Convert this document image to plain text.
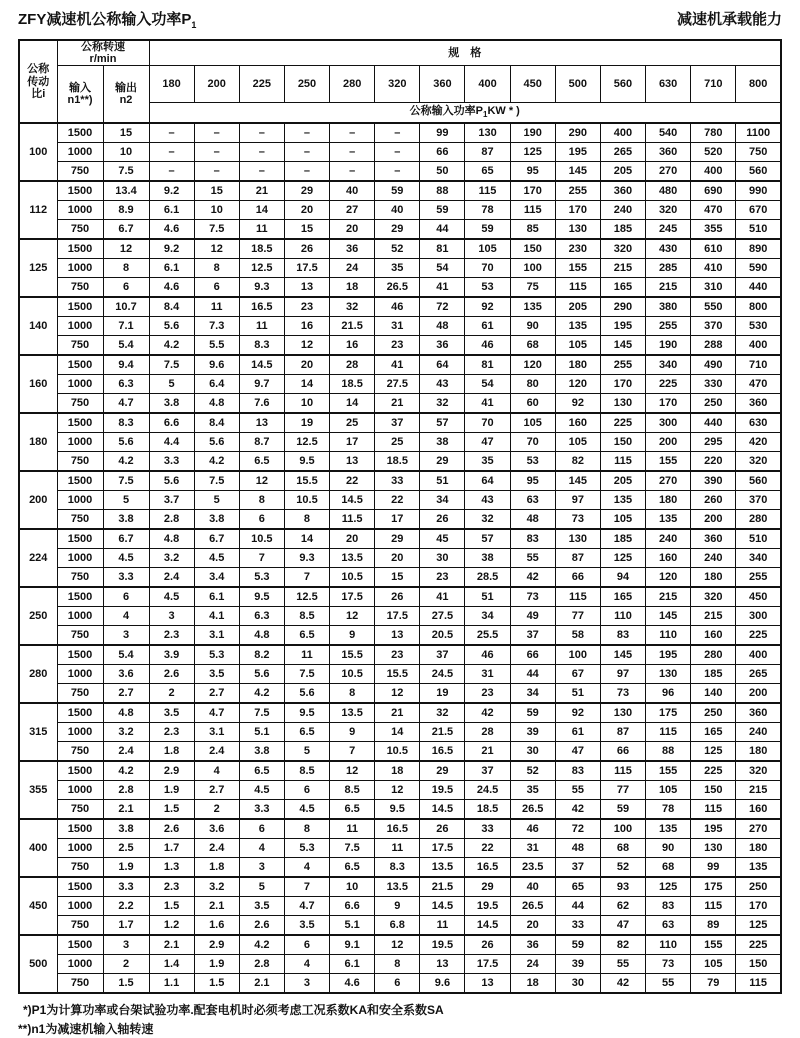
ZFY减速机公称输入功率$P_1$	减速机承载能力
公称
传动
比i	公称转速
r/min		规　格													

	输入
n1**)	输出
n2	180	200	225	250	280	320	360	400	450	500	560	630	710	800
			公称输入功率$P_1KW$ * )													
100	1500	15	–	–	–	–	–	–	99	130	190	290	400	540	780	1100
	1000	10	–	–	–	–	–	–	66	87	125	195	265	360	520	750
	750	7.5	–	–	–	–	–	–	50	65	95	145	205	270	400	560
112	1500	13.4	9.2	15	21	29	40	59	88	115	170	255	360	480	690	990
	1000	8.9	6.1	10	14	20	27	40	59	78	115	170	240	320	470	670
	750	6.7	4.6	7.5	11	15	20	29	44	59	85	130	185	245	355	510
125	1500	12	9.2	12	18.5	26	36	52	81	105	150	230	320	430	610	890
	1000	8	6.1	8	12.5	17.5	24	35	54	70	100	155	215	285	410	590
	750	6	4.6	6	9.3	13	18	26.5	41	53	75	115	165	215	310	440
140	1500	10.7	8.4	11	16.5	23	32	46	72	92	135	205	290	380	550	800
	1000	7.1	5.6	7.3	11	16	21.5	31	48	61	90	135	195	255	370	530
	750	5.4	4.2	5.5	8.3	12	16	23	36	46	68	105	145	190	288	400
160	1500	9.4	7.5	9.6	14.5	20	28	41	64	81	120	180	255	340	490	710
	1000	6.3	5	6.4	9.7	14	18.5	27.5	43	54	80	120	170	225	330	470
	750	4.7	3.8	4.8	7.6	10	14	21	32	41	60	92	130	170	250	360
180	1500	8.3	6.6	8.4	13	19	25	37	57	70	105	160	225	300	440	630
	1000	5.6	4.4	5.6	8.7	12.5	17	25	38	47	70	105	150	200	295	420
	750	4.2	3.3	4.2	6.5	9.5	13	18.5	29	35	53	82	115	155	220	320
200	1500	7.5	5.6	7.5	12	15.5	22	33	51	64	95	145	205	270	390	560
	1000	5	3.7	5	8	10.5	14.5	22	34	43	63	97	135	180	260	370
	750	3.8	2.8	3.8	6	8	11.5	17	26	32	48	73	105	135	200	280
224	1500	6.7	4.8	6.7	10.5	14	20	29	45	57	83	130	185	240	360	510
	1000	4.5	3.2	4.5	7	9.3	13.5	20	30	38	55	87	125	160	240	340
	750	3.3	2.4	3.4	5.3	7	10.5	15	23	28.5	42	66	94	120	180	255
250	1500	6	4.5	6.1	9.5	12.5	17.5	26	41	51	73	115	165	215	320	450
	1000	4	3	4.1	6.3	8.5	12	17.5	27.5	34	49	77	110	145	215	300
	750	3	2.3	3.1	4.8	6.5	9	13	20.5	25.5	37	58	83	110	160	225
280	1500	5.4	3.9	5.3	8.2	11	15.5	23	37	46	66	100	145	195	280	400
	1000	3.6	2.6	3.5	5.6	7.5	10.5	15.5	24.5	31	44	67	97	130	185	265
	750	2.7	2	2.7	4.2	5.6	8	12	19	23	34	51	73	96	140	200
315	1500	4.8	3.5	4.7	7.5	9.5	13.5	21	32	42	59	92	130	175	250	360
	1000	3.2	2.3	3.1	5.1	6.5	9	14	21.5	28	39	61	87	115	165	240
	750	2.4	1.8	2.4	3.8	5	7	10.5	16.5	21	30	47	66	88	125	180
355	1500	4.2	2.9	4	6.5	8.5	12	18	29	37	52	83	115	155	225	320
	1000	2.8	1.9	2.7	4.5	6	8.5	12	19.5	24.5	35	55	77	105	150	215
	750	2.1	1.5	2	3.3	4.5	6.5	9.5	14.5	18.5	26.5	42	59	78	115	160
400	1500	3.8	2.6	3.6	6	8	11	16.5	26	33	46	72	100	135	195	270
	1000	2.5	1.7	2.4	4	5.3	7.5	11	17.5	22	31	48	68	90	130	180
	750	1.9	1.3	1.8	3	4	6.5	8.3	13.5	16.5	23.5	37	52	68	99	135
450	1500	3.3	2.3	3.2	5	7	10	13.5	21.5	29	40	65	93	125	175	250
	1000	2.2	1.5	2.1	3.5	4.7	6.6	9	14.5	19.5	26.5	44	62	83	115	170
	750	1.7	1.2	1.6	2.6	3.5	5.1	6.8	11	14.5	20	33	47	63	89	125
500	1500	3	2.1	2.9	4.2	6	9.1	12	19.5	26	36	59	82	110	155	225
	1000	2	1.4	1.9	2.8	4	6.1	8	13	17.5	24	39	55	73	105	150
	750	1.5	1.1	1.5	2.1	3	4.6	6	9.6	13	18	30	42	55	79	115
*)P1为计算功率或台架试验功率.配套电机时必须考虑工况系数KA和安全系数SA
**)n1为减速机输入轴转速
